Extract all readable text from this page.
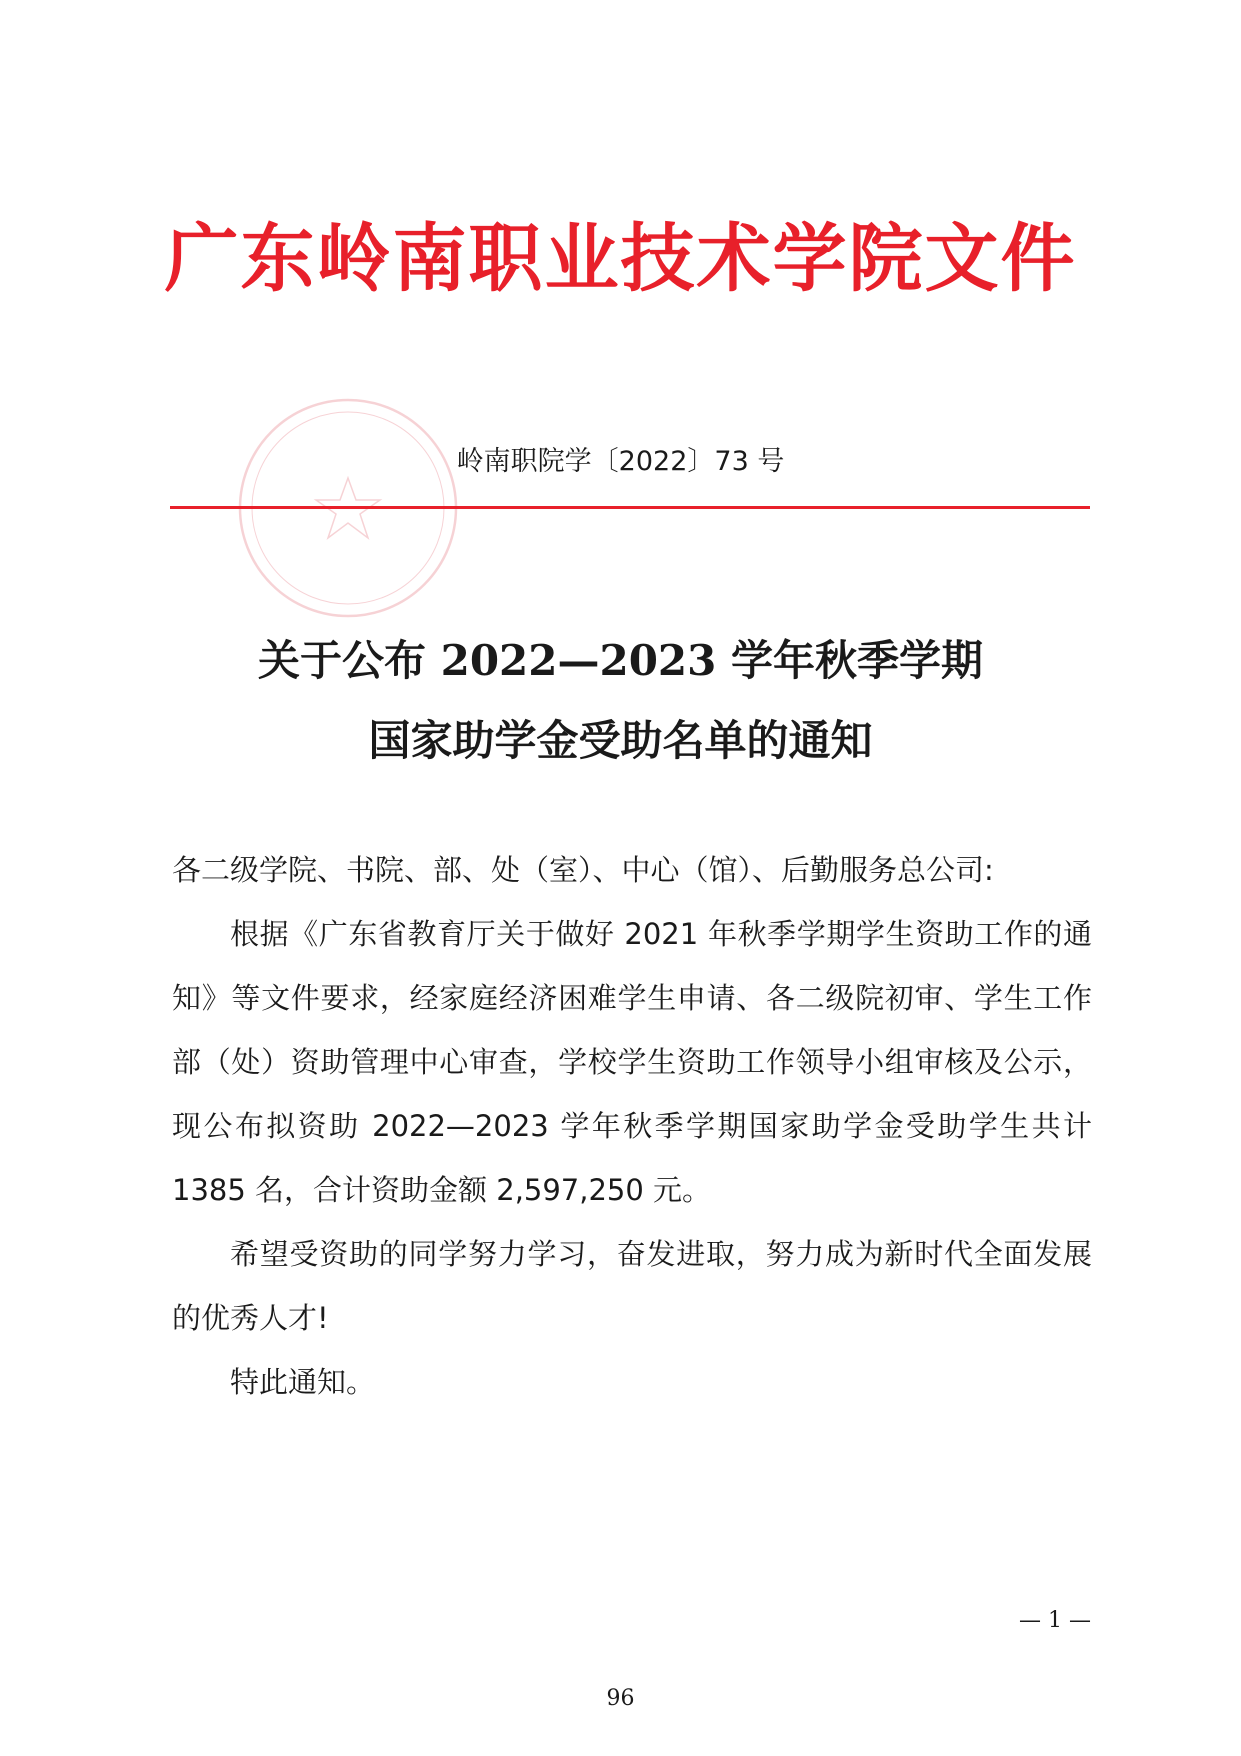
广东岭南职业技术学院文件
岭南职院学〔2022〕73 号
关于公布 2022—2023 学年秋季学期
国家助学金受助名单的通知

各二级学院、书院、部、处（室）、中心（馆）、后勤服务总公司:

根据《广东省教育厅关于做好 2021 年秋季学期学生资助工作的通知》等文件要求，经家庭经济困难学生申请、各二级院初审、学生工作部（处）资助管理中心审查，学校学生资助工作领导小组审核及公示，现公布拟资助 2022—2023 学年秋季学期国家助学金受助学生共计 1385 名，合计资助金额 2,597,250 元。

希望受资助的同学努力学习，奋发进取，努力成为新时代全面发展的优秀人才!

特此通知。

— 1 —
96
